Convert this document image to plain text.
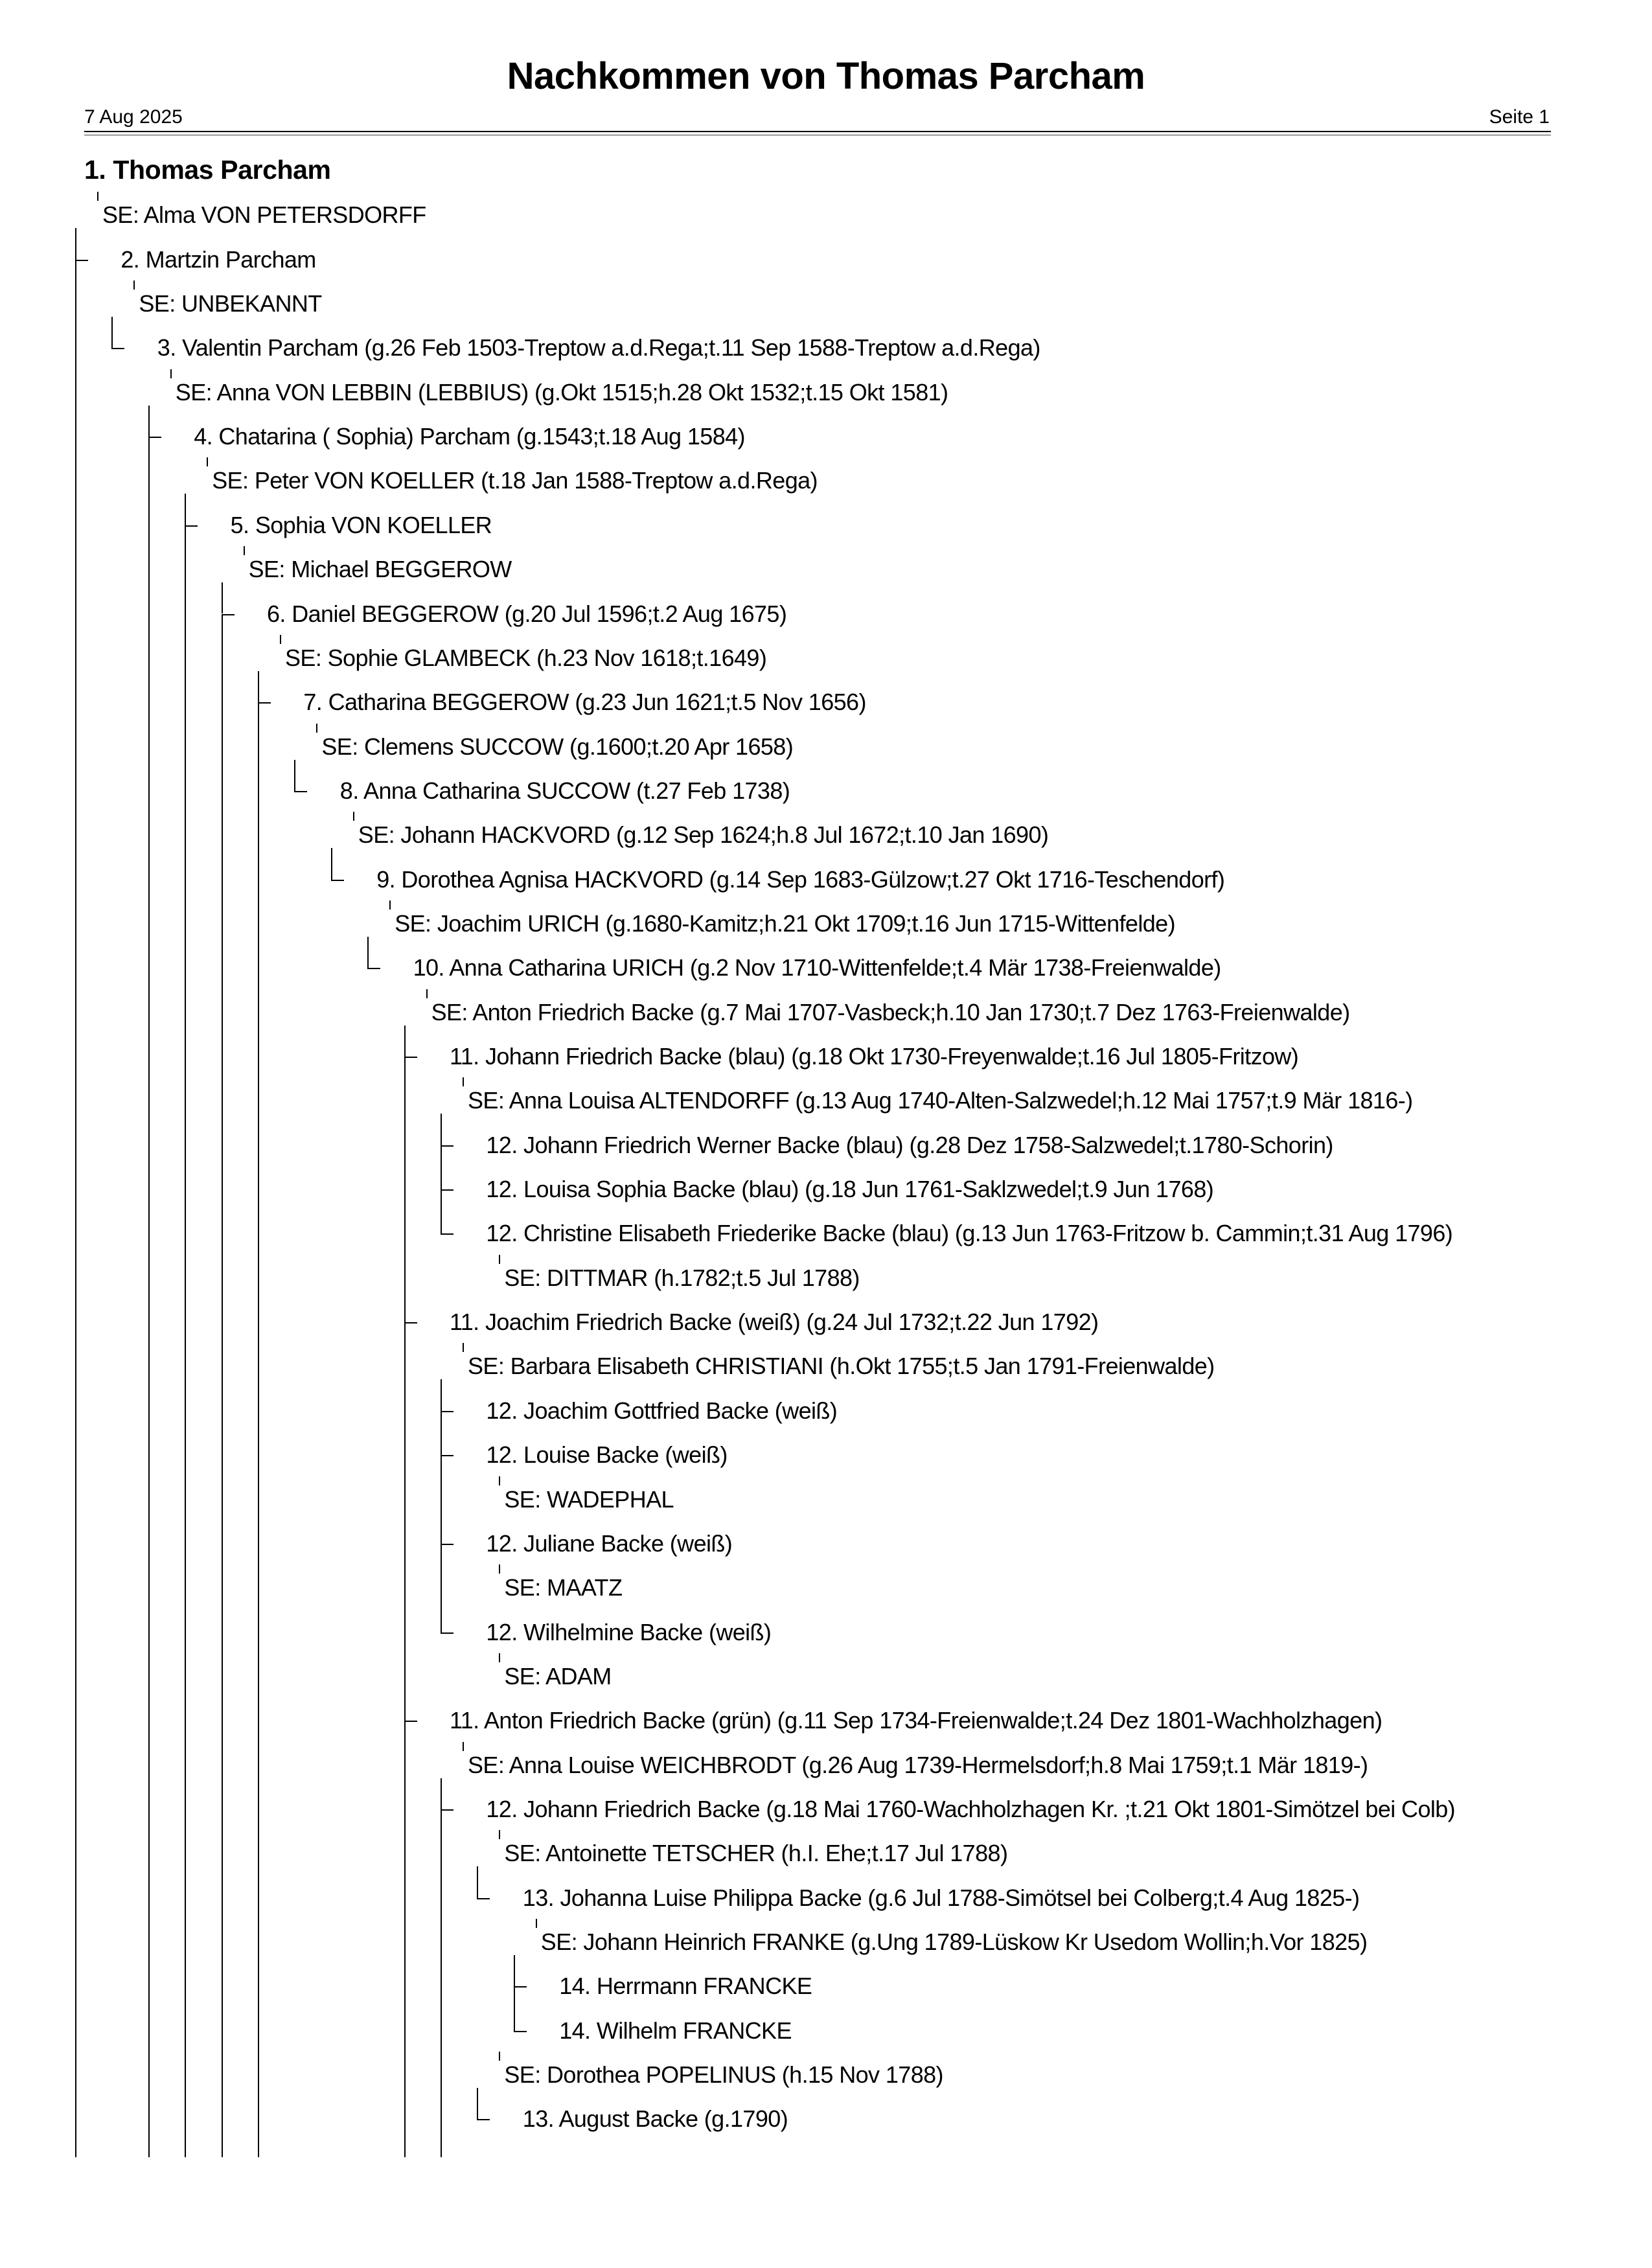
Nachkommen von Thomas Parcham
7 Aug 2025	Seite 1
1. Thomas Parcham
SE: Alma VON PETERSDORFF
2. Martzin Parcham
SE: UNBEKANNT
3. Valentin Parcham (g.26 Feb 1503-Treptow a.d.Rega;t.11 Sep 1588-Treptow a.d.Rega)
SE: Anna VON LEBBIN (LEBBIUS) (g.Okt 1515;h.28 Okt 1532;t.15 Okt 1581)
4. Chatarina ( Sophia) Parcham (g.1543;t.18 Aug 1584)
SE: Peter VON KOELLER (t.18 Jan 1588-Treptow a.d.Rega)
5. Sophia VON KOELLER
SE: Michael BEGGEROW
6. Daniel BEGGEROW (g.20 Jul 1596;t.2 Aug 1675)
SE: Sophie GLAMBECK (h.23 Nov 1618;t.1649)
7. Catharina BEGGEROW (g.23 Jun 1621;t.5 Nov 1656)
SE: Clemens SUCCOW (g.1600;t.20 Apr 1658)
8. Anna Catharina SUCCOW (t.27 Feb 1738)
SE: Johann HACKVORD (g.12 Sep 1624;h.8 Jul 1672;t.10 Jan 1690)
9. Dorothea Agnisa HACKVORD (g.14 Sep 1683-Gülzow;t.27 Okt 1716-Teschendorf)
SE: Joachim URICH (g.1680-Kamitz;h.21 Okt 1709;t.16 Jun 1715-Wittenfelde)
10. Anna Catharina URICH (g.2 Nov 1710-Wittenfelde;t.4 Mär 1738-Freienwalde)
SE: Anton Friedrich Backe (g.7 Mai 1707-Vasbeck;h.10 Jan 1730;t.7 Dez 1763-Freienwalde)
11. Johann Friedrich Backe (blau) (g.18 Okt 1730-Freyenwalde;t.16 Jul 1805-Fritzow)
SE: Anna Louisa ALTENDORFF (g.13 Aug 1740-Alten-Salzwedel;h.12 Mai 1757;t.9 Mär 1816-)
12. Johann Friedrich Werner Backe (blau) (g.28 Dez 1758-Salzwedel;t.1780-Schorin)
12. Louisa Sophia Backe (blau) (g.18 Jun 1761-Saklzwedel;t.9 Jun 1768)
12. Christine Elisabeth Friederike Backe (blau) (g.13 Jun 1763-Fritzow b. Cammin;t.31 Aug 1796)
SE: DITTMAR (h.1782;t.5 Jul 1788)
11. Joachim Friedrich Backe (weiß) (g.24 Jul 1732;t.22 Jun 1792)
SE: Barbara Elisabeth CHRISTIANI (h.Okt 1755;t.5 Jan 1791-Freienwalde)
12. Joachim Gottfried Backe (weiß)
12. Louise Backe (weiß)
SE: WADEPHAL
12. Juliane Backe (weiß)
SE: MAATZ
12. Wilhelmine Backe (weiß)
SE: ADAM
11. Anton Friedrich Backe (grün) (g.11 Sep 1734-Freienwalde;t.24 Dez 1801-Wachholzhagen)
SE: Anna Louise WEICHBRODT (g.26 Aug 1739-Hermelsdorf;h.8 Mai 1759;t.1 Mär 1819-)
12. Johann Friedrich Backe (g.18 Mai 1760-Wachholzhagen Kr. ;t.21 Okt 1801-Simötzel bei Colb)
SE: Antoinette TETSCHER (h.I. Ehe;t.17 Jul 1788)
13. Johanna Luise Philippa Backe (g.6 Jul 1788-Simötsel bei Colberg;t.4 Aug 1825-)
SE: Johann Heinrich FRANKE (g.Ung 1789-Lüskow Kr Usedom Wollin;h.Vor 1825)
14. Herrmann FRANCKE
14. Wilhelm FRANCKE
SE: Dorothea POPELINUS (h.15 Nov 1788)
13. August Backe (g.1790)
